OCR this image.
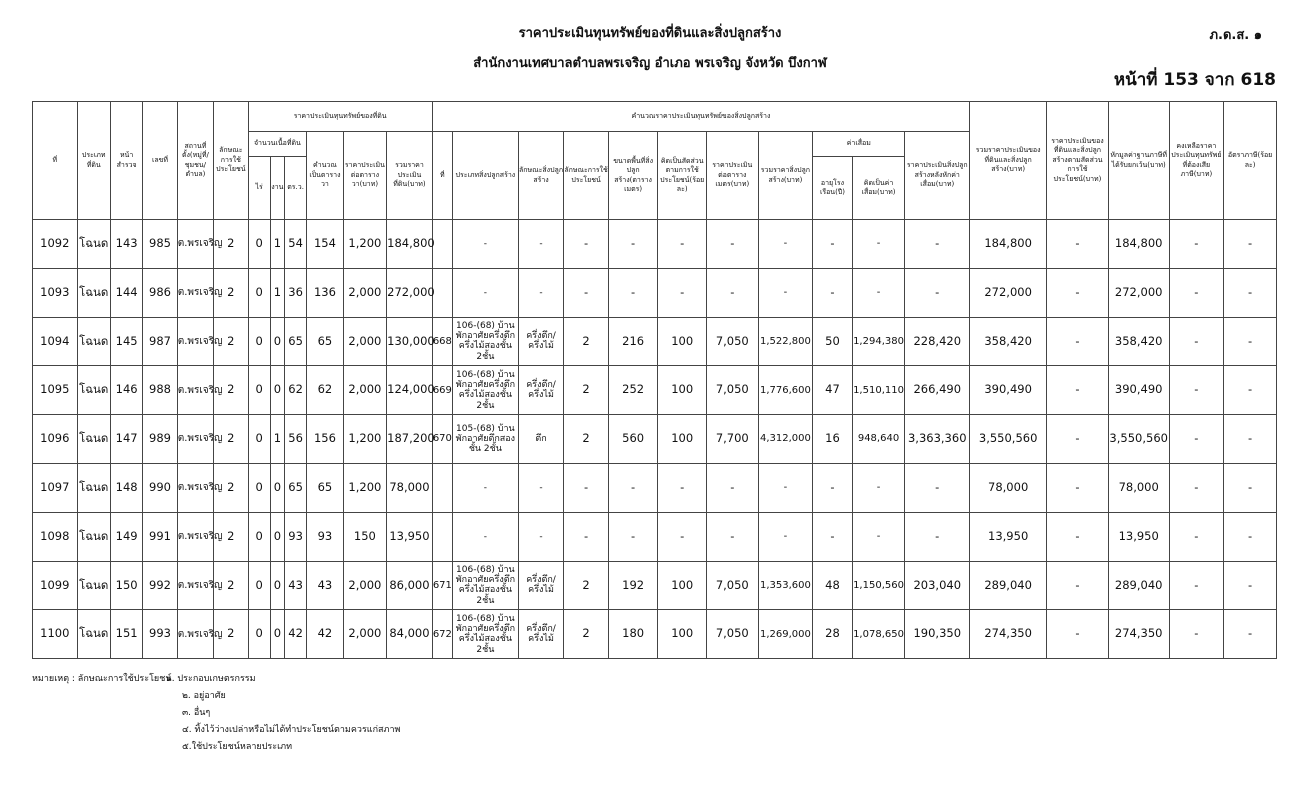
ราคาประเมินทุนทรัพย์ของที่ดินและสิ่งปลูกสร้าง
สำนักงานเทศบาลตำบลพรเจริญ อำเภอ พรเจริญ จังหวัด บึงกาฬ
ภ.ด.ส. ๑
หน้าที่ 153 จาก 618
ที่	ประเภทที่ดิน	หน้าสำรวจ	เลขที่	สถานที่ตั้ง(หมู่ที่/ชุมชน/ตำบล)	ลักษณะการใช้ประโยชน์	ราคาประเมินทุนทรัพย์ของที่ดิน						คำนวณราคาประเมินทุนทรัพย์ของสิ่งปลูกสร้าง											รวมราคาประเมินของที่ดินและสิ่งปลูกสร้าง(บาท)	ราคาประเมินของที่ดินและสิ่งปลูกสร้างตามสัดส่วนการใช้ประโยชน์(บาท)	หักมูลค่าฐานภาษีที่ได้รับยกเว้น(บาท)	คงเหลือราคาประเมินทุนทรัพย์ที่ต้องเสียภาษี(บาท)	อัตราภาษี(ร้อยละ)
						จำนวนเนื้อที่ดิน			คำนวณเป็นตารางวา	ราคาประเมินต่อตารางวา(บาท)	รวมราคาประเมินที่ดิน(บาท)	ที่	ประเภทสิ่งปลูกสร้าง	ลักษณะสิ่งปลูกสร้าง	ลักษณะการใช้ประโยชน์	ขนาดพื้นที่สิ่งปลูกสร้าง(ตารางเมตร)	คิดเป็นสัดส่วนตามการใช้ประโยชน์(ร้อยละ)	ราคาประเมินต่อตารางเมตร(บาท)	รวมราคาสิ่งปลูกสร้าง(บาท)	ค่าเสื่อม		ราคาประเมินสิ่งปลูกสร้างหลังหักค่าเสื่อม(บาท)					
						ไร่	งาน	ตร.ว.												อายุโรงเรือน(ปี)	คิดเป็นค่าเสื่อม(บาท)						
1092	โฉนด	143	985	ต.พรเจริญ	2	0	1	54	154	1,200	184,800		-	-	-	-	-	-	-	-	-	-	184,800	-	184,800	-	-
1093	โฉนด	144	986	ต.พรเจริญ	2	0	1	36	136	2,000	272,000		-	-	-	-	-	-	-	-	-	-	272,000	-	272,000	-	-
1094	โฉนด	145	987	ต.พรเจริญ	2	0	0	65	65	2,000	130,000	668	106-(68) บ้านพักอาศัยครึ่งตึกครึ่งไม้สองชั้น 2ชั้น	ครึ่งตึก/ครึ่งไม้	2	216	100	7,050	1,522,800	50	1,294,380	228,420	358,420	-	358,420	-	-
1095	โฉนด	146	988	ต.พรเจริญ	2	0	0	62	62	2,000	124,000	669	106-(68) บ้านพักอาศัยครึ่งตึกครึ่งไม้สองชั้น 2ชั้น	ครึ่งตึก/ครึ่งไม้	2	252	100	7,050	1,776,600	47	1,510,110	266,490	390,490	-	390,490	-	-
1096	โฉนด	147	989	ต.พรเจริญ	2	0	1	56	156	1,200	187,200	670	105-(68) บ้านพักอาศัยตึกสองชั้น 2ชั้น	ตึก	2	560	100	7,700	4,312,000	16	948,640	3,363,360	3,550,560	-	3,550,560	-	-
1097	โฉนด	148	990	ต.พรเจริญ	2	0	0	65	65	1,200	78,000		-	-	-	-	-	-	-	-	-	-	78,000	-	78,000	-	-
1098	โฉนด	149	991	ต.พรเจริญ	2	0	0	93	93	150	13,950		-	-	-	-	-	-	-	-	-	-	13,950	-	13,950	-	-
1099	โฉนด	150	992	ต.พรเจริญ	2	0	0	43	43	2,000	86,000	671	106-(68) บ้านพักอาศัยครึ่งตึกครึ่งไม้สองชั้น 2ชั้น	ครึ่งตึก/ครึ่งไม้	2	192	100	7,050	1,353,600	48	1,150,560	203,040	289,040	-	289,040	-	-
1100	โฉนด	151	993	ต.พรเจริญ	2	0	0	42	42	2,000	84,000	672	106-(68) บ้านพักอาศัยครึ่งตึกครึ่งไม้สองชั้น 2ชั้น	ครึ่งตึก/ครึ่งไม้	2	180	100	7,050	1,269,000	28	1,078,650	190,350	274,350	-	274,350	-	-
หมายเหตุ : ลักษณะการใช้ประโยชน์
๑. ประกอบเกษตรกรรม
๒. อยู่อาศัย
๓. อื่นๆ
๔. ทิ้งไว้ว่างเปล่าหรือไม่ได้ทำประโยชน์ตามควรแก่สภาพ
๕.ใช้ประโยชน์หลายประเภท
